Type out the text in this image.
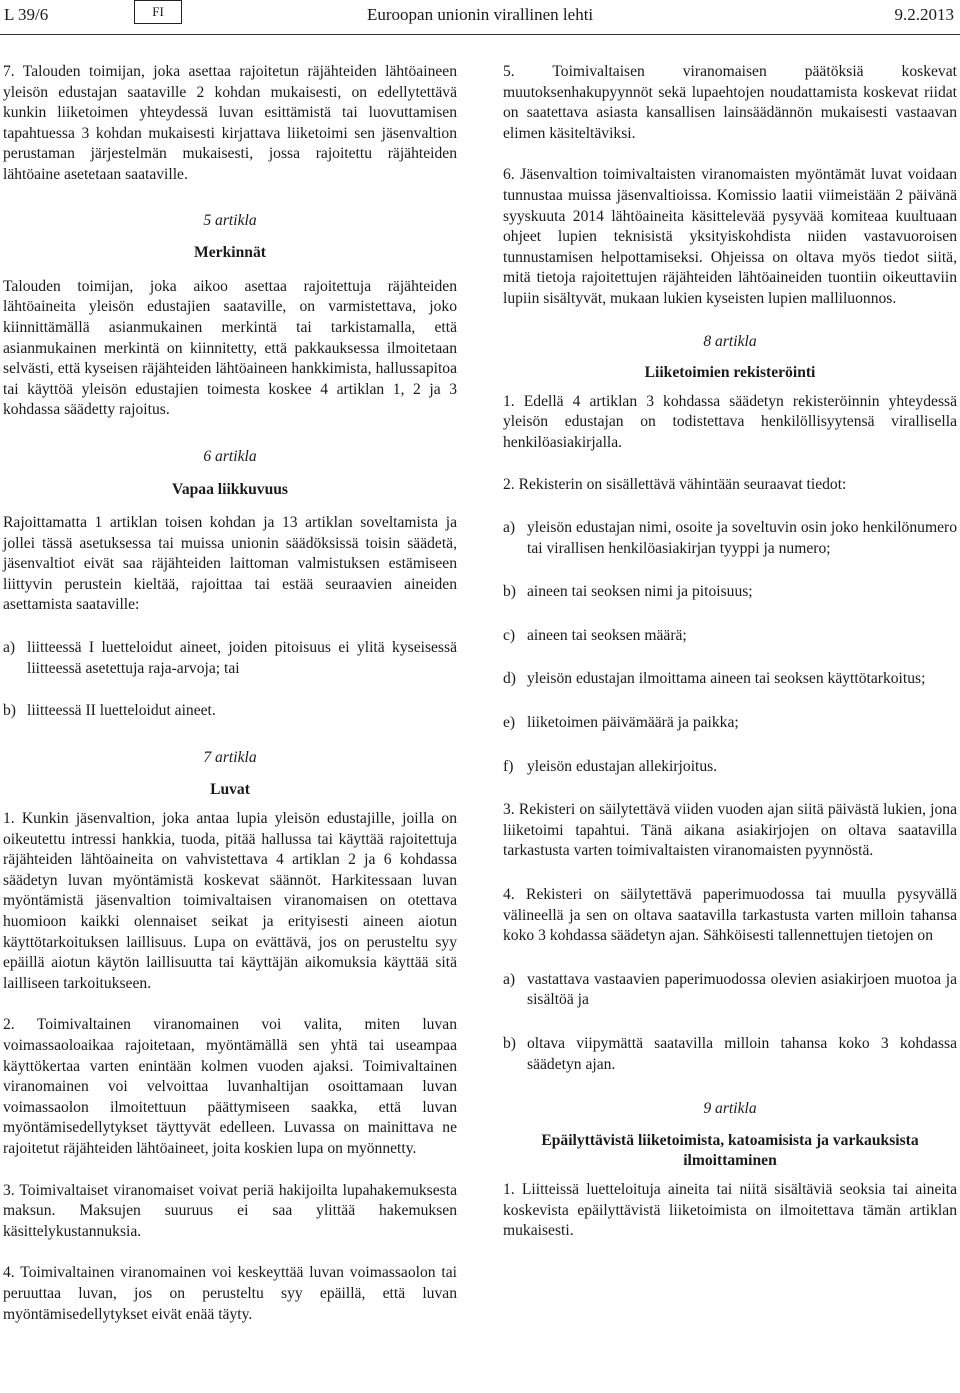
L 39/6	FI	Euroopan unionin virallinen lehti	9.2.2013

7. Talouden toimijan, joka asettaa rajoitetun räjähteiden lähtöaineen yleisön edustajan saataville 2 kohdan mukaisesti, on edellytettävä kunkin liiketoimen yhteydessä luvan esittämistä tai luovuttamisen tapahtuessa 3 kohdan mukaisesti kirjattava liiketoimi sen jäsenvaltion perustaman järjestelmän mukaisesti, jossa rajoitettu räjähteiden lähtöaine asetetaan saataville.

5 artikla

Merkinnät

Talouden toimijan, joka aikoo asettaa rajoitettuja räjähteiden lähtöaineita yleisön edustajien saataville, on varmistettava, joko kiinnittämällä asianmukainen merkintä tai tarkistamalla, että asianmukainen merkintä on kiinnitetty, että pakkauksessa ilmoitetaan selvästi, että kyseisen räjähteiden lähtöaineen hankkimista, hallussapitoa tai käyttöä yleisön edustajien toimesta koskee 4 artiklan 1, 2 ja 3 kohdassa säädetty rajoitus.

6 artikla

Vapaa liikkuvuus

Rajoittamatta 1 artiklan toisen kohdan ja 13 artiklan soveltamista ja jollei tässä asetuksessa tai muissa unionin säädöksissä toisin säädetä, jäsenvaltiot eivät saa räjähteiden laittoman valmistuksen estämiseen liittyvin perustein kieltää, rajoittaa tai estää seuraavien aineiden asettamista saataville:

a) liitteessä I luetteloidut aineet, joiden pitoisuus ei ylitä kyseisessä liitteessä asetettuja raja-arvoja; tai
b) liitteessä II luetteloidut aineet.

7 artikla

Luvat

1. Kunkin jäsenvaltion, joka antaa lupia yleisön edustajille, joilla on oikeutettu intressi hankkia, tuoda, pitää hallussa tai käyttää rajoitettuja räjähteiden lähtöaineita on vahvistettava 4 artiklan 2 ja 6 kohdassa säädetyn luvan myöntämistä koskevat säännöt. Harkitessaan luvan myöntämistä jäsenvaltion toimivaltaisen viranomaisen on otettava huomioon kaikki olennaiset seikat ja erityisesti aineen aiotun käyttötarkoituksen laillisuus. Lupa on evättävä, jos on perusteltu syy epäillä aiotun käytön laillisuutta tai käyttäjän aikomuksia käyttää sitä lailliseen tarkoitukseen.

2. Toimivaltainen viranomainen voi valita, miten luvan voimassaoloaikaa rajoitetaan, myöntämällä sen yhtä tai useampaa käyttökertaa varten enintään kolmen vuoden ajaksi. Toimivaltainen viranomainen voi velvoittaa luvanhaltijan osoittamaan luvan voimassaolon ilmoitettuun päättymiseen saakka, että luvan myöntämisedellytykset täyttyvät edelleen. Luvassa on mainittava ne rajoitetut räjähteiden lähtöaineet, joita koskien lupa on myönnetty.

3. Toimivaltaiset viranomaiset voivat periä hakijoilta lupahakemuksesta maksun. Maksujen suuruus ei saa ylittää hakemuksen käsittelykustannuksia.

4. Toimivaltainen viranomainen voi keskeyttää luvan voimassaolon tai peruuttaa luvan, jos on perusteltu syy epäillä, että luvan myöntämisedellytykset eivät enää täyty.

5. Toimivaltaisen viranomaisen päätöksiä koskevat muutoksenhakupyynnöt sekä lupaehtojen noudattamista koskevat riidat on saatettava asiasta kansallisen lainsäädännön mukaisesti vastaavan elimen käsiteltäviksi.

6. Jäsenvaltion toimivaltaisten viranomaisten myöntämät luvat voidaan tunnustaa muissa jäsenvaltioissa. Komissio laatii viimeistään 2 päivänä syyskuuta 2014 lähtöaineita käsittelevää pysyvää komiteaa kuultuaan ohjeet lupien teknisistä yksityiskohdista niiden vastavuoroisen tunnustamisen helpottamiseksi. Ohjeissa on oltava myös tiedot siitä, mitä tietoja rajoitettujen räjähteiden lähtöaineiden tuontiin oikeuttaviin lupiin sisältyvät, mukaan lukien kyseisten lupien malliluonnos.

8 artikla

Liiketoimien rekisteröinti

1. Edellä 4 artiklan 3 kohdassa säädetyn rekisteröinnin yhteydessä yleisön edustajan on todistettava henkilöllisyytensä virallisella henkilöasiakirjalla.

2. Rekisterin on sisällettävä vähintään seuraavat tiedot:

a) yleisön edustajan nimi, osoite ja soveltuvin osin joko henkilönumero tai virallisen henkilöasiakirjan tyyppi ja numero;
b) aineen tai seoksen nimi ja pitoisuus;
c) aineen tai seoksen määrä;
d) yleisön edustajan ilmoittama aineen tai seoksen käyttötarkoitus;
e) liiketoimen päivämäärä ja paikka;
f) yleisön edustajan allekirjoitus.

3. Rekisteri on säilytettävä viiden vuoden ajan siitä päivästä lukien, jona liiketoimi tapahtui. Tänä aikana asiakirjojen on oltava saatavilla tarkastusta varten toimivaltaisten viranomaisten pyynnöstä.

4. Rekisteri on säilytettävä paperimuodossa tai muulla pysyvällä välineellä ja sen on oltava saatavilla tarkastusta varten milloin tahansa koko 3 kohdassa säädetyn ajan. Sähköisesti tallennettujen tietojen on

a) vastattava vastaavien paperimuodossa olevien asiakirjoen muotoa ja sisältöä ja
b) oltava viipymättä saatavilla milloin tahansa koko 3 kohdassa säädetyn ajan.

9 artikla

Epäilyttävistä liiketoimista, katoamisista ja varkauksista ilmoittaminen

1. Liitteissä luetteloituja aineita tai niitä sisältäviä seoksia tai aineita koskevista epäilyttävistä liiketoimista on ilmoitettava tämän artiklan mukaisesti.
